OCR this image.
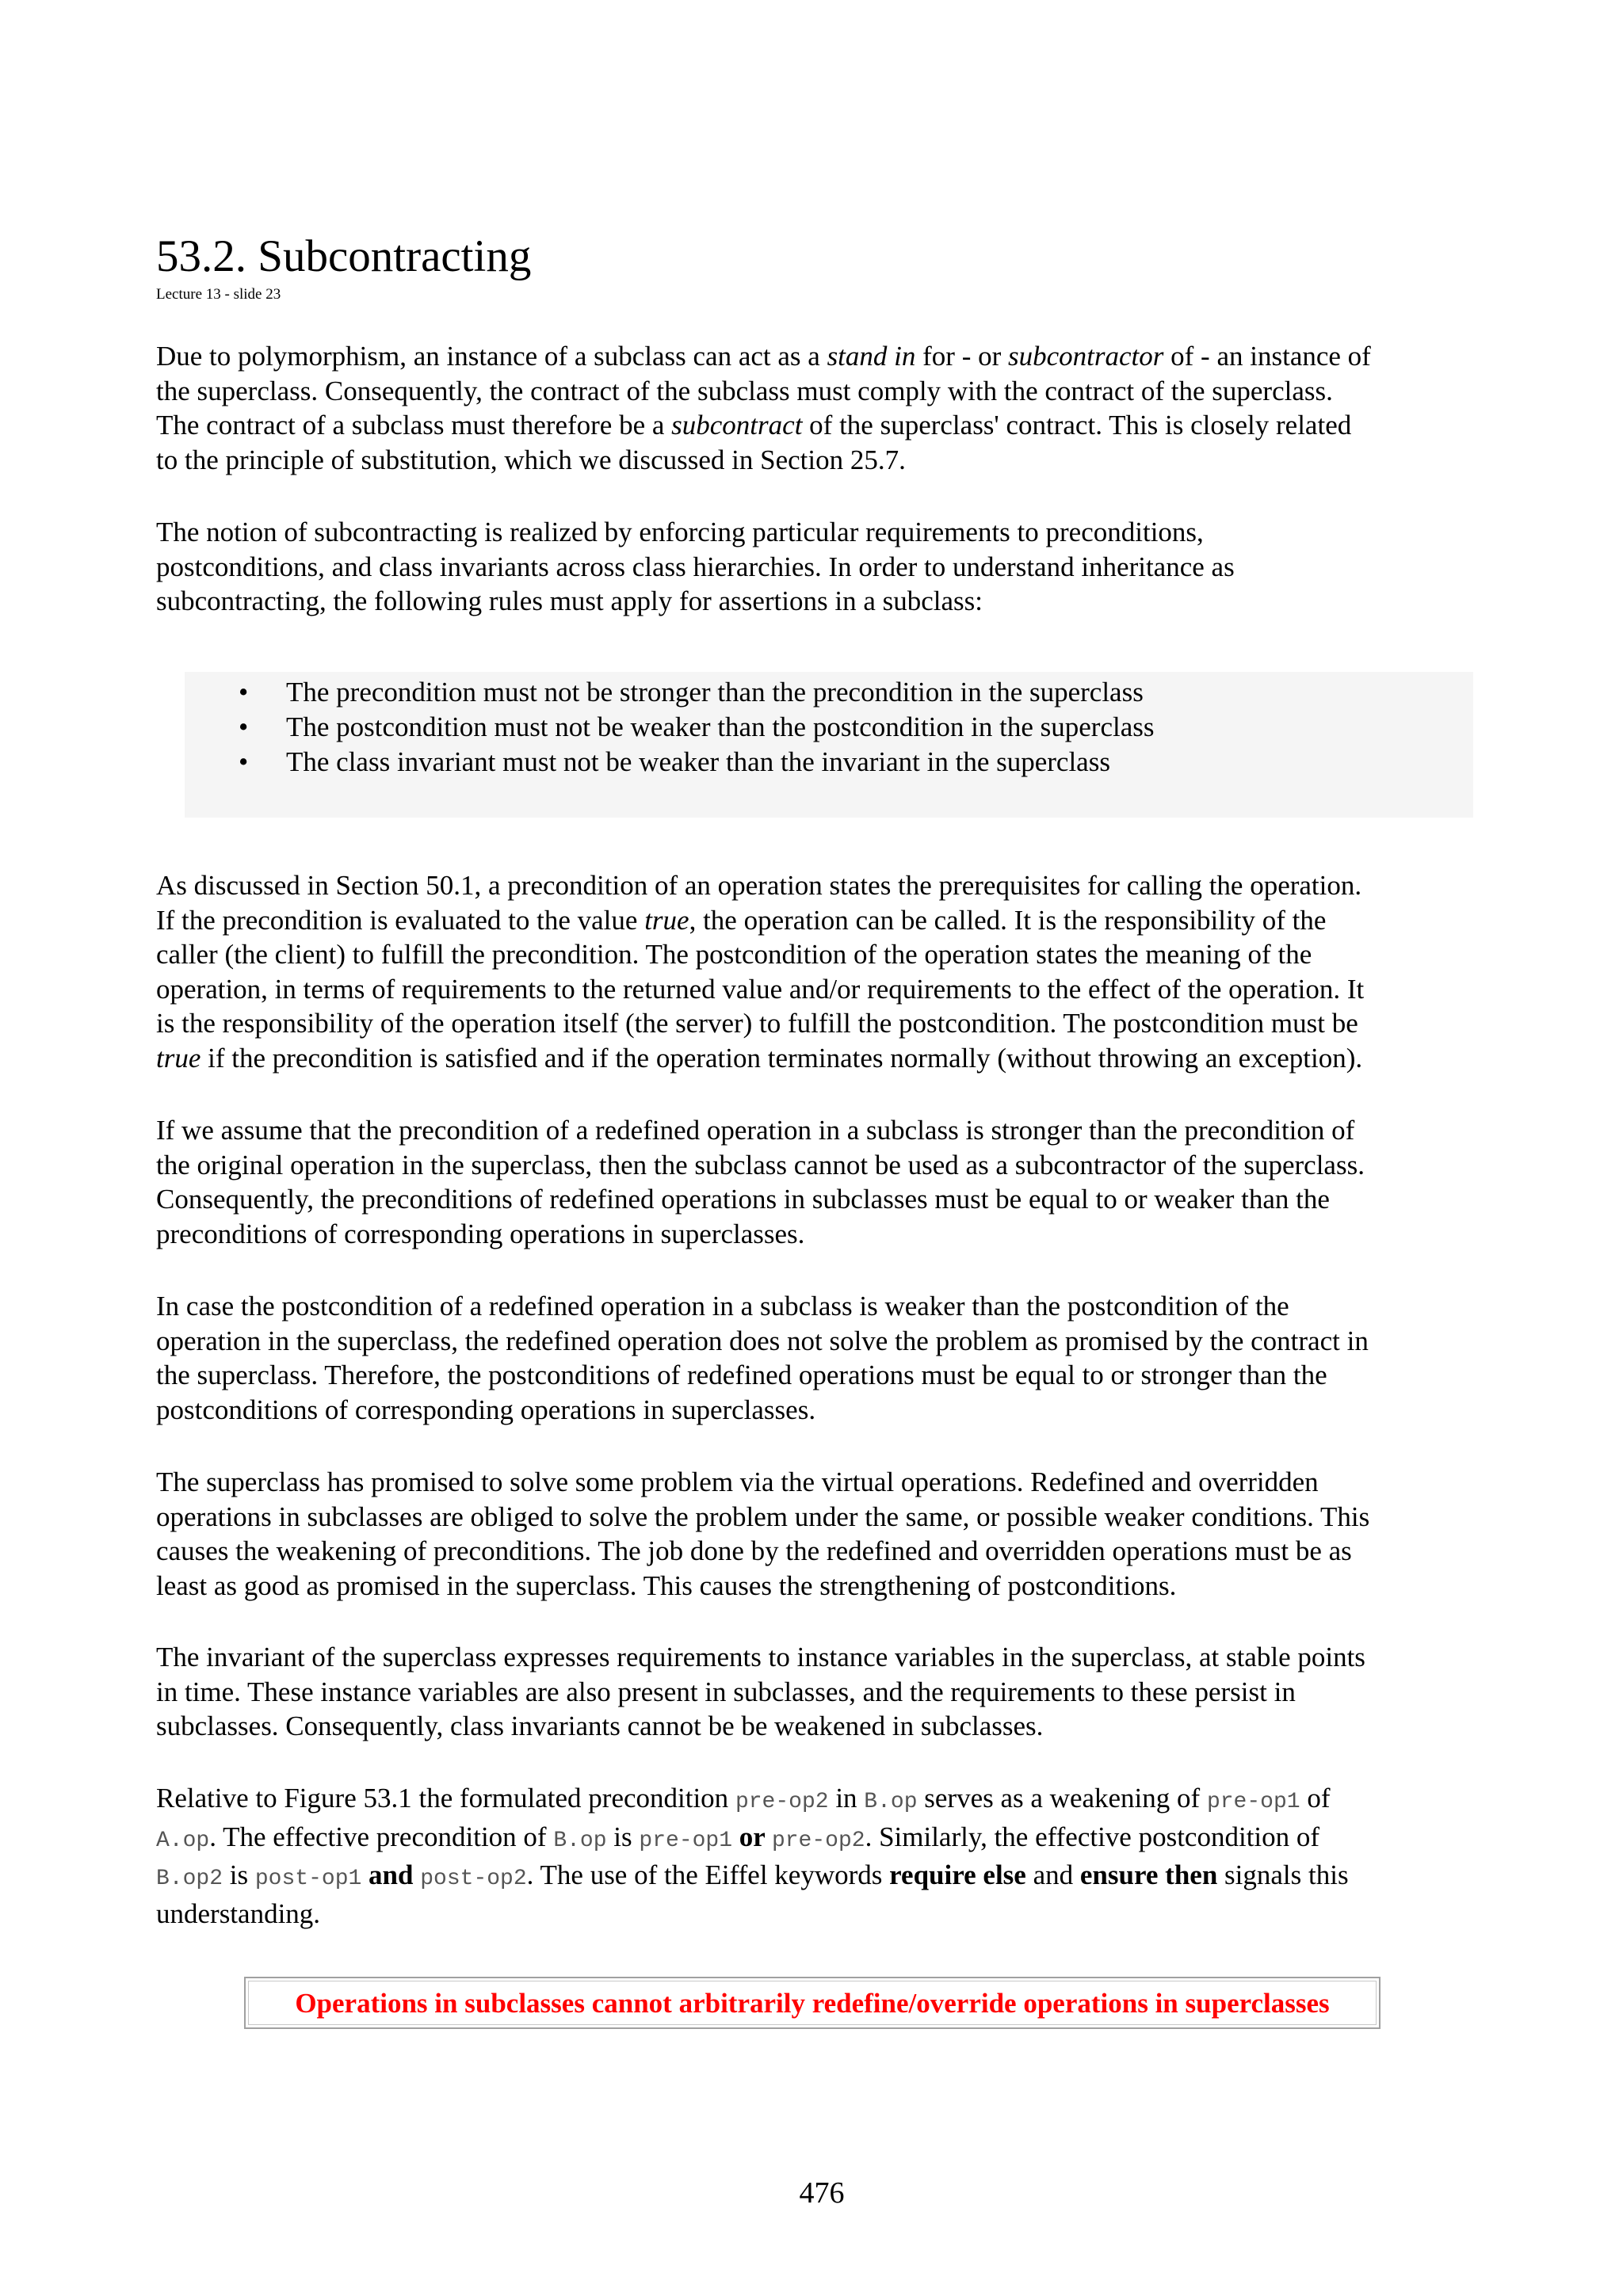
53.2. Subcontracting
Lecture 13 - slide 23

Due to polymorphism, an instance of a subclass can act as a stand in for - or subcontractor of - an instance of
the superclass. Consequently, the contract of the subclass must comply with the contract of the superclass.
The contract of a subclass must therefore be a subcontract of the superclass' contract. This is closely related
to the principle of substitution, which we discussed in Section 25.7.

The notion of subcontracting is realized by enforcing particular requirements to preconditions,
postconditions, and class invariants across class hierarchies. In order to understand inheritance as
subcontracting, the following rules must apply for assertions in a subclass:

• The precondition must not be stronger than the precondition in the superclass
• The postcondition must not be weaker than the postcondition in the superclass
• The class invariant must not be weaker than the invariant in the superclass

As discussed in Section 50.1, a precondition of an operation states the prerequisites for calling the operation.
If the precondition is evaluated to the value true, the operation can be called. It is the responsibility of the
caller (the client) to fulfill the precondition. The postcondition of the operation states the meaning of the
operation, in terms of requirements to the returned value and/or requirements to the effect of the operation. It
is the responsibility of the operation itself (the server) to fulfill the postcondition. The postcondition must be
true if the precondition is satisfied and if the operation terminates normally (without throwing an exception).

If we assume that the precondition of a redefined operation in a subclass is stronger than the precondition of
the original operation in the superclass, then the subclass cannot be used as a subcontractor of the superclass.
Consequently, the preconditions of redefined operations in subclasses must be equal to or weaker than the
preconditions of corresponding operations in superclasses.

In case the postcondition of a redefined operation in a subclass is weaker than the postcondition of the
operation in the superclass, the redefined operation does not solve the problem as promised by the contract in
the superclass. Therefore, the postconditions of redefined operations must be equal to or stronger than the
postconditions of corresponding operations in superclasses.

The superclass has promised to solve some problem via the virtual operations. Redefined and overridden
operations in subclasses are obliged to solve the problem under the same, or possible weaker conditions. This
causes the weakening of preconditions. The job done by the redefined and overridden operations must be as
least as good as promised in the superclass. This causes the strengthening of postconditions.

The invariant of the superclass expresses requirements to instance variables in the superclass, at stable points
in time. These instance variables are also present in subclasses, and the requirements to these persist in
subclasses. Consequently, class invariants cannot be be weakened in subclasses.

Relative to Figure 53.1 the formulated precondition pre-op2 in B.op serves as a weakening of pre-op1 of
A.op. The effective precondition of B.op is pre-op1 or pre-op2. Similarly, the effective postcondition of
B.op2 is post-op1 and post-op2. The use of the Eiffel keywords require else and ensure then signals this
understanding.

Operations in subclasses cannot arbitrarily redefine/override operations in superclasses
476
